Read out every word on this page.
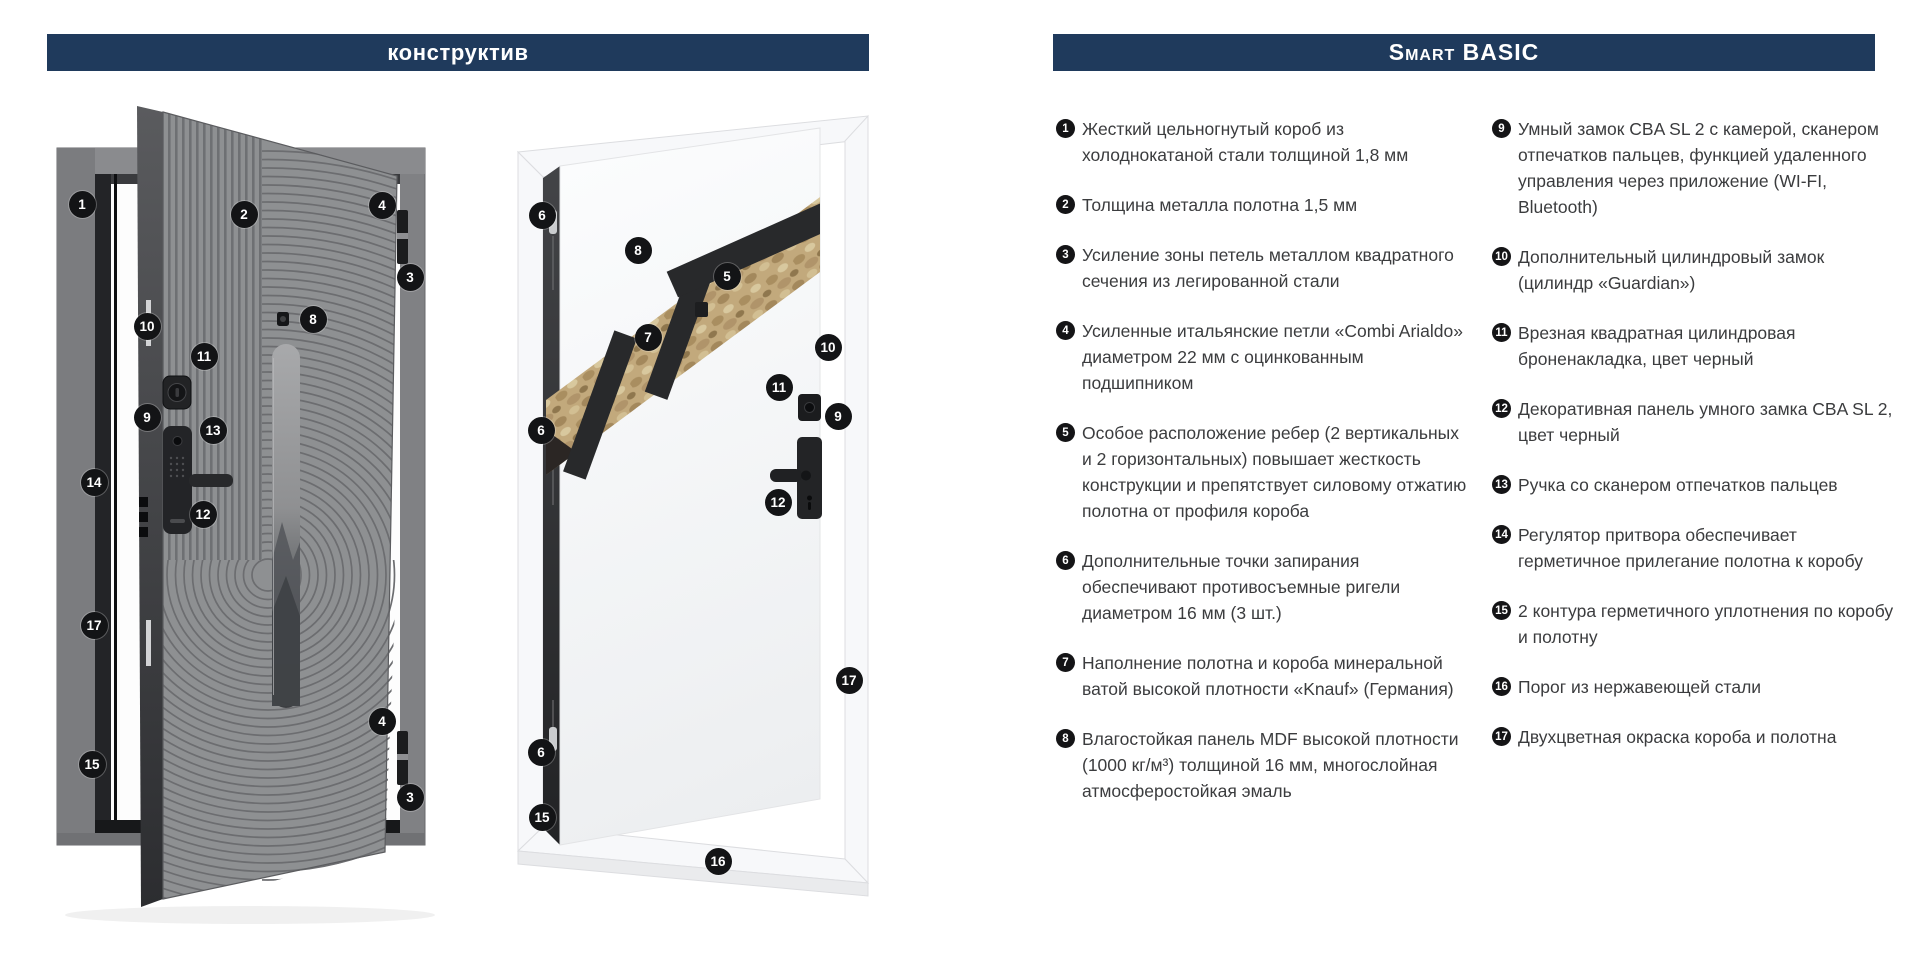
конструктив	Smart BASIC
1
2
4
3
8
10
11
9
13
14
12
17
15
4
3
6
8
5
7
10
11
9
6
12
17
6
15
16
1 Жесткий цельногнутый короб из холоднокатаной стали толщиной 1,8 мм
2 Толщина металла полотна 1,5 мм
3 Усиление зоны петель металлом квадратного сечения из легированной стали
4 Усиленные итальянские петли «Combi Arialdo» диаметром 22 мм с оцинкованным подшипником
5 Особое расположение ребер (2 вертикальных и 2 горизонтальных) повышает жесткость конструкции и препятствует силовому отжатию полотна от профиля короба
6 Дополнительные точки запирания обеспечивают противосъемные ригели диаметром 16 мм (3 шт.)
7 Наполнение полотна и короба минеральной ватой высокой плотности «Knauf» (Германия)
8 Влагостойкая панель MDF высокой плотности (1000 кг/м³) толщиной 16 мм, многослойная атмосферостойкая эмаль
9 Умный замок CBA SL 2 с камерой, сканером отпечатков пальцев, функцией удаленного управления через приложение (WI-FI, Bluetooth)
10 Дополнительный цилиндровый замок (цилиндр «Guardian»)
11 Врезная квадратная цилиндровая броненакладка, цвет черный
12 Декоративная панель умного замка CBA SL 2, цвет черный
13 Ручка со сканером отпечатков пальцев
14 Регулятор притвора обеспечивает герметичное прилегание полотна к коробу
15 2 контура герметичного уплотнения по коробу и полотну
16 Порог из нержавеющей стали
17 Двухцветная окраска короба и полотна
